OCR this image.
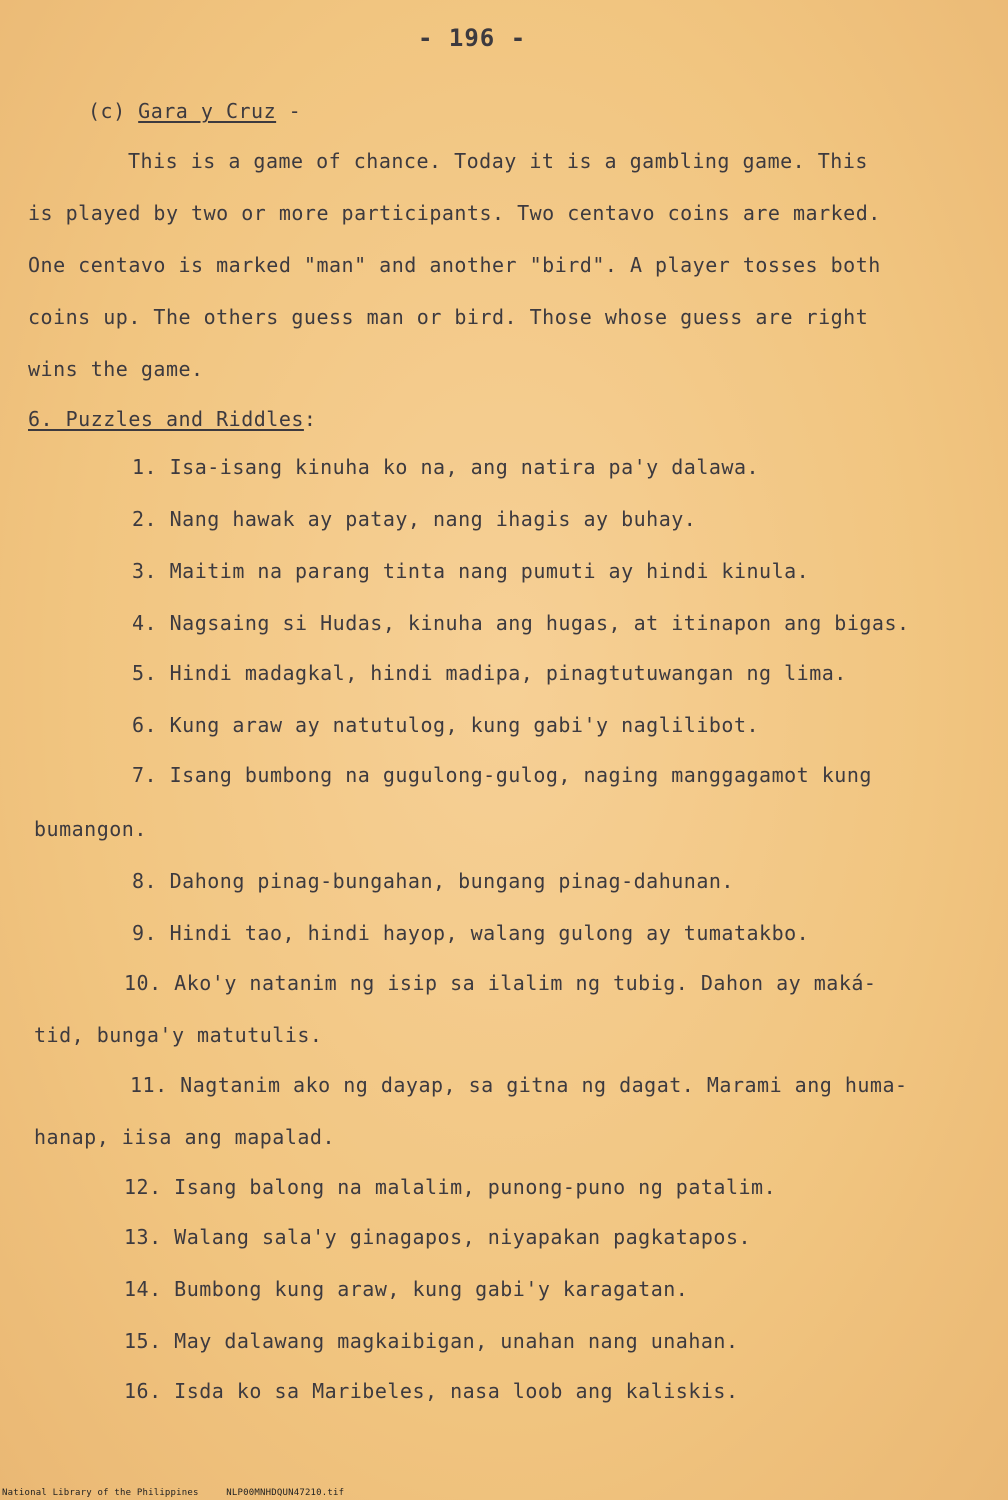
- 196 -
(c) Gara y Cruz -
This is a game of chance. Today it is a gambling game. This
is played by two or more participants. Two centavo coins are marked.
One centavo is marked "man" and another "bird". A player tosses both
coins up. The others guess man or bird. Those whose guess are right
wins the game.
6. Puzzles and Riddles:
1. Isa-isang kinuha ko na, ang natira pa'y dalawa.
2. Nang hawak ay patay, nang ihagis ay buhay.
3. Maitim na parang tinta nang pumuti ay hindi kinula.
4. Nagsaing si Hudas, kinuha ang hugas, at itinapon ang bigas.
5. Hindi madagkal, hindi madipa, pinagtutuwangan ng lima.
6. Kung araw ay natutulog, kung gabi'y naglilibot.
7. Isang bumbong na gugulong-gulog, naging manggagamot kung
bumangon.
8. Dahong pinag-bungahan, bungang pinag-dahunan.
9. Hindi tao, hindi hayop, walang gulong ay tumatakbo.
10. Ako'y natanim ng isip sa ilalim ng tubig. Dahon ay maká-
tid, bunga'y matutulis.
11. Nagtanim ako ng dayap, sa gitna ng dagat. Marami ang huma-
hanap, iisa ang mapalad.
12. Isang balong na malalim, punong-puno ng patalim.
13. Walang sala'y ginagapos, niyapakan pagkatapos.
14. Bumbong kung araw, kung gabi'y karagatan.
15. May dalawang magkaibigan, unahan nang unahan.
16. Isda ko sa Maribeles, nasa loob ang kaliskis.
National Library of the Philippines	NLP00MNHDQUN47210.tif
